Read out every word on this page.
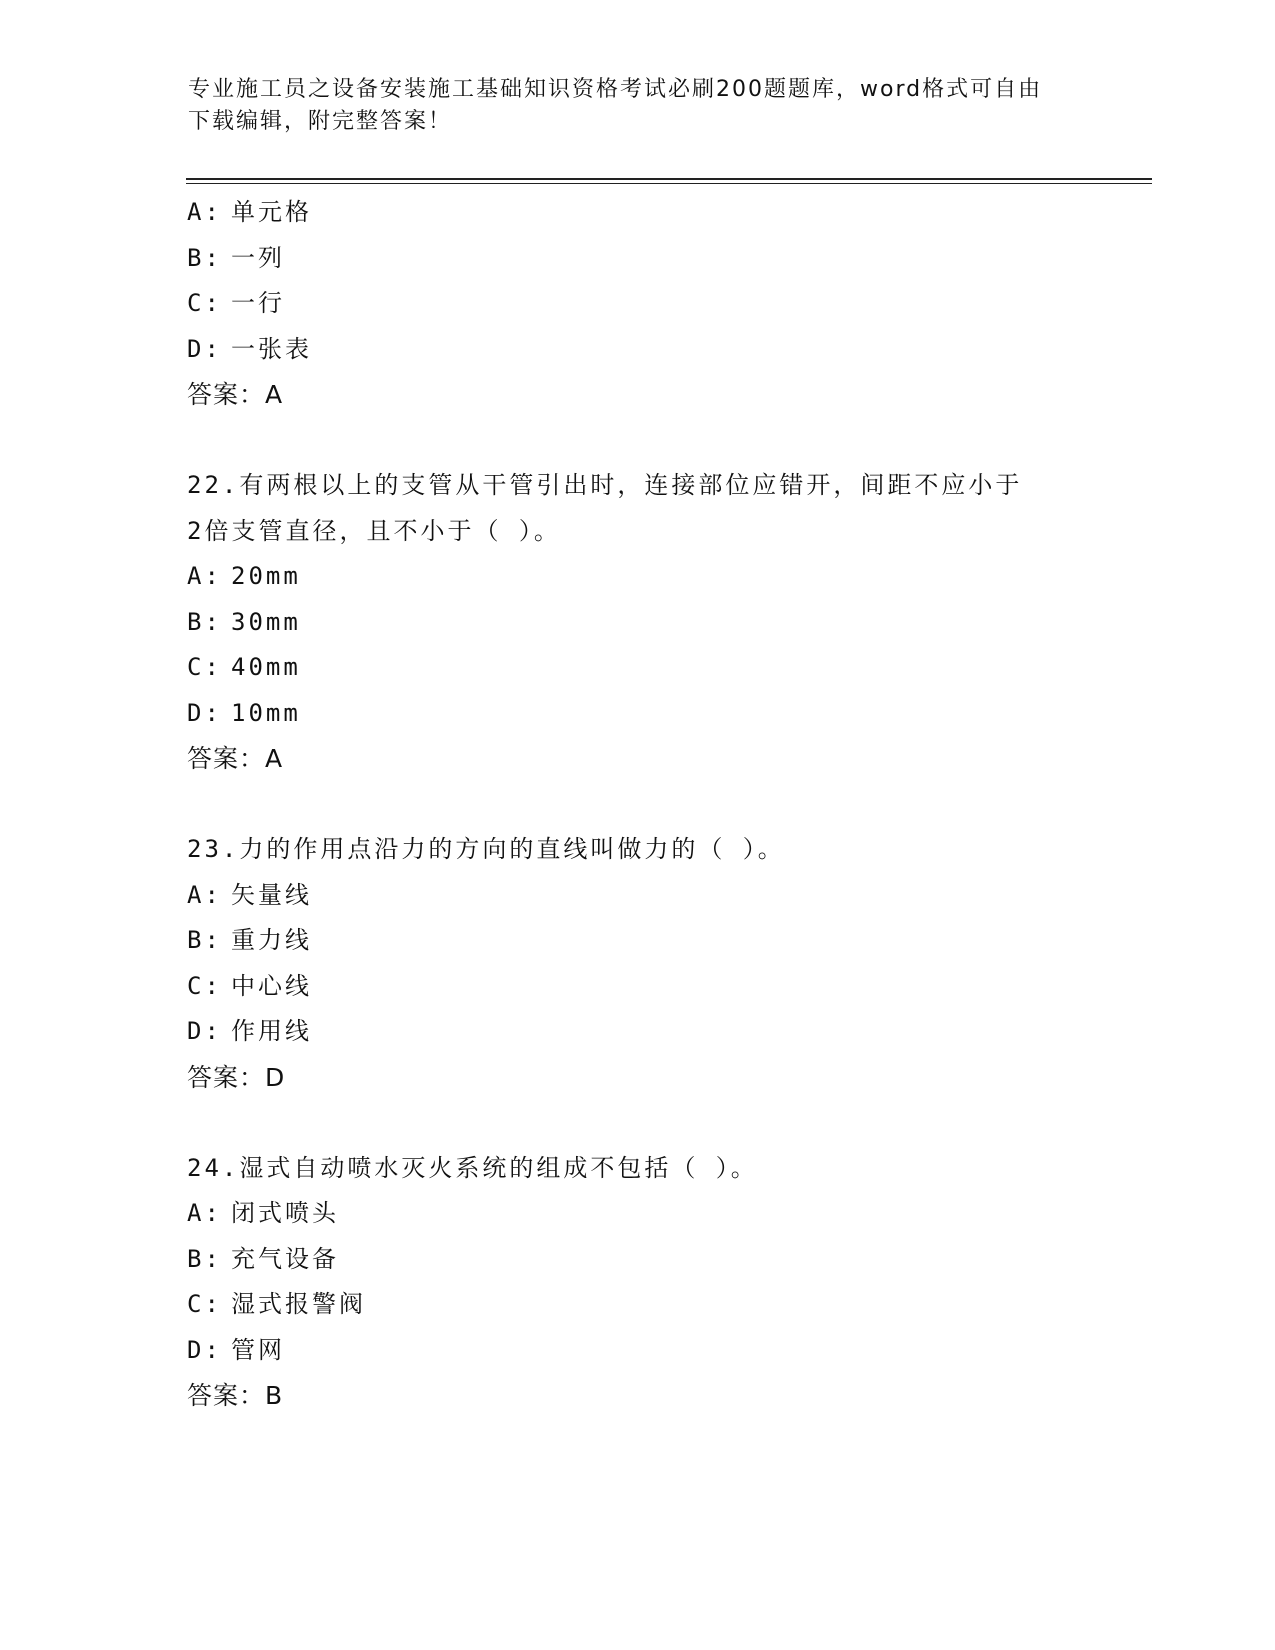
专业施工员之设备安装施工基础知识资格考试必刷200题题库，word格式可自由
下载编辑，附完整答案！
A: 单元格
B: 一列
C: 一行
D: 一张表
答案：A
22.有两根以上的支管从干管引出时，连接部位应错开，间距不应小于
2倍支管直径，且不小于（ ）。
A: 20mm
B: 30mm
C: 40mm
D: 10mm
答案：A
23.力的作用点沿力的方向的直线叫做力的（ ）。
A: 矢量线
B: 重力线
C: 中心线
D: 作用线
答案：D
24.湿式自动喷水灭火系统的组成不包括（ ）。
A: 闭式喷头
B: 充气设备
C: 湿式报警阀
D: 管网
答案：B
